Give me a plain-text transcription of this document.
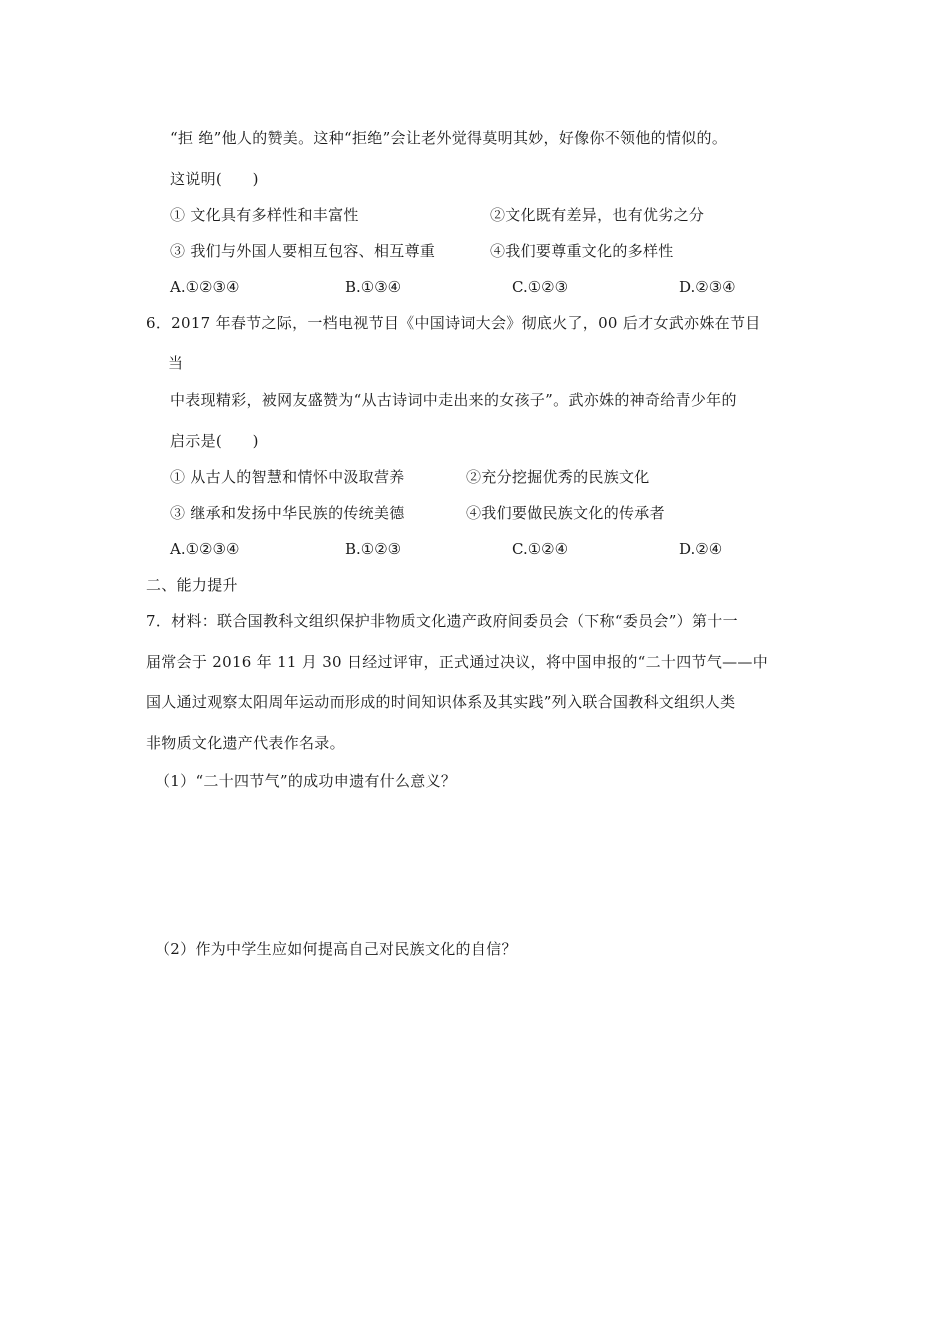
“拒 绝”他人的赞美。这种“拒绝”会让老外觉得莫明其妙，好像你不领他的情似的。
这说明(　　)
① 文化具有多样性和丰富性	②文化既有差异，也有优劣之分
③ 我们与外国人要相互包容、相互尊重	④我们要尊重文化的多样性
A.①②③④	B.①③④	C.①②③	D.②③④
6．2017 年春节之际，一档电视节目《中国诗词大会》彻底火了，00 后才女武亦姝在节目
当
中表现精彩，被网友盛赞为“从古诗词中走出来的女孩子”。武亦姝的神奇给青少年的
启示是(　　)
① 从古人的智慧和情怀中汲取营养	②充分挖掘优秀的民族文化
③ 继承和发扬中华民族的传统美德	④我们要做民族文化的传承者
A.①②③④	B.①②③	C.①②④	D.②④
二、能力提升
7．材料：联合国教科文组织保护非物质文化遗产政府间委员会（下称“委员会”）第十一
届常会于 2016 年 11 月 30 日经过评审，正式通过决议，将中国申报的“二十四节气——中
国人通过观察太阳周年运动而形成的时间知识体系及其实践”列入联合国教科文组织人类
非物质文化遗产代表作名录。
（1）“二十四节气”的成功申遗有什么意义？
（2）作为中学生应如何提高自己对民族文化的自信？
